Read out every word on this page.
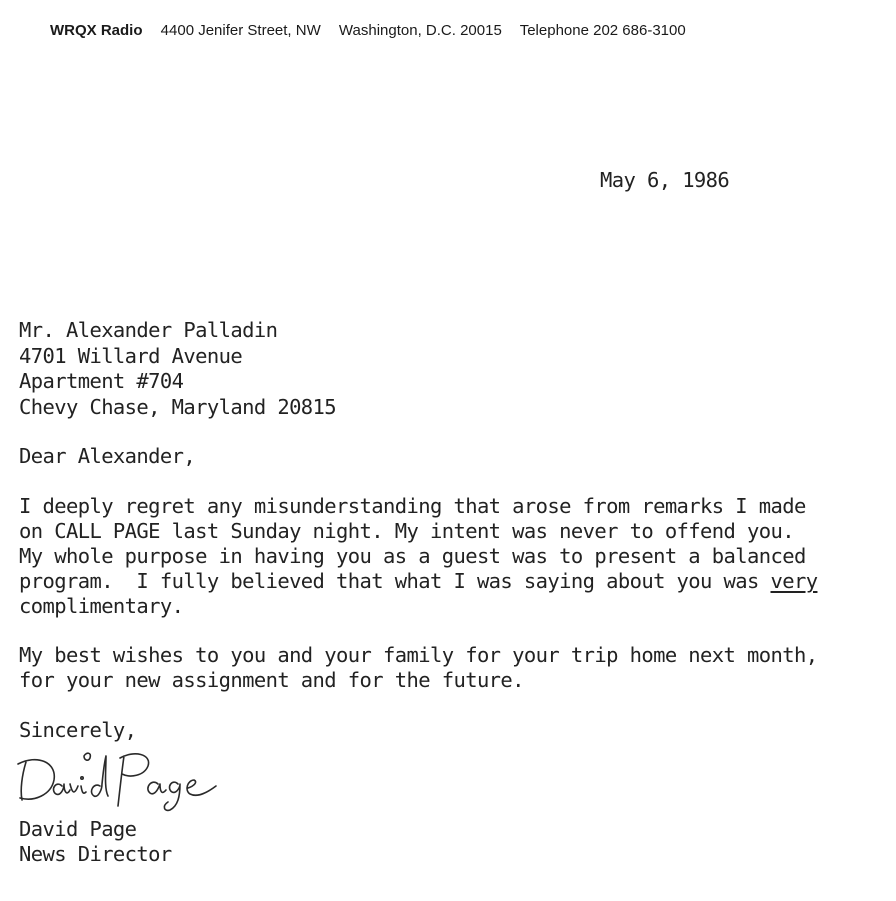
WRQX Radio 4400 Jenifer Street, NW Washington, D.C. 20015 Telephone 202 686-3100
May 6, 1986
Mr. Alexander Palladin
4701 Willard Avenue
Apartment #704
Chevy Chase, Maryland 20815
Dear Alexander,
I deeply regret any misunderstanding that arose from remarks I made
on CALL PAGE last Sunday night. My intent was never to offend you.
My whole purpose in having you as a guest was to present a balanced
program.  I fully believed that what I was saying about you was very
complimentary.
My best wishes to you and your family for your trip home next month,
for your new assignment and for the future.
Sincerely,
David Page
News Director
